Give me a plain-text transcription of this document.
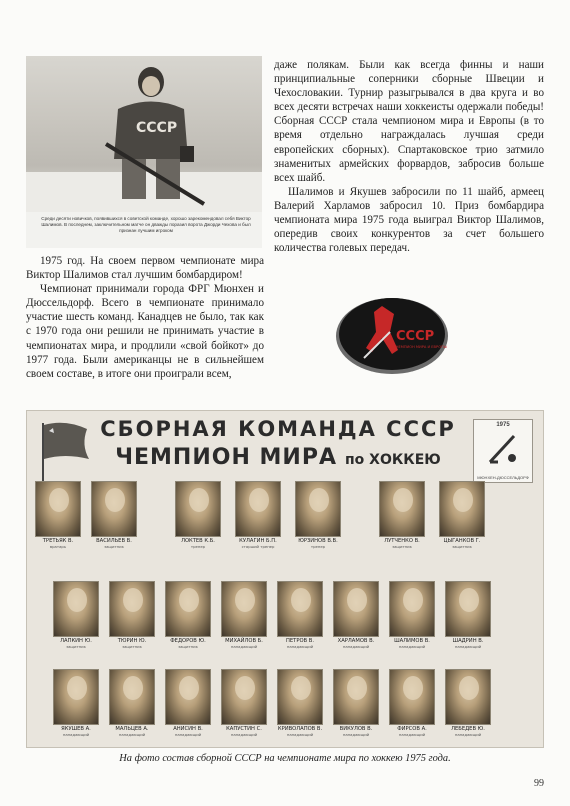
CCCP
Среди десяти новичков, появившихся в советской команде, хорошо зарекомендовал себя Виктор Шалимов. В последнем, заключительном матче он дважды поразил ворота Джорди Чехова и был признан лучшим игроком

1975 год. На своем первом чемпионате мира Виктор Шалимов стал лучшим бомбардиром!

Чемпионат принимали города ФРГ Мюнхен и Дюссельдорф. Всего в чемпионате принимало участие шесть команд. Канадцев не было, так как с 1970 года они решили не принимать участие в чемпионатах мира, и продлили «свой бойкот» до 1977 года. Были американцы не в сильнейшем своем составе, в итоге они проиграли всем,

даже полякам. Были как всегда финны и наши принципиальные соперники сборные Швеции и Чехословакии. Турнир разыгрывался в два круга и во всех десяти встречах наши хоккеисты одержали победы! Сборная СССР стала чемпионом мира и Европы (в то время отдельно награждалась лучшая среди европейских сборных). Спартаковское трио затмило знаменитых армейских форвардов, забросив больше всех шайб.

Шалимов и Якушев забросили по 11 шайб, армеец Валерий Харламов забросил 10. Приз бомбардира чемпионата мира 1975 года выиграл Виктор Шалимов, опередив своих конкурентов за счет большего количества голевых передач.

СССР
ЧЕМПИОН МИРА И ЕВРОПЫ
СБОРНАЯ КОМАНДА СССР
ЧЕМПИОН МИРА по ХОККЕЮ
1975
МЮНХЕН-ДЮССЕЛЬДОРФ
ТРЕТЬЯК В.
вратарь
ВАСИЛЬЕВ В.
защитник
ЛОКТЕВ К.Б.
тренер
КУЛАГИН Б.П.
старший тренер
ЮРЗИНОВ В.В.
тренер
ЛУТЧЕНКО В.
защитник
ЦЫГАНКОВ Г.
защитник
ЛАПКИН Ю.
защитник
ТЮРИН Ю.
защитник
ФЕДОРОВ Ю.
защитник
МИХАЙЛОВ Б.
нападающий
ПЕТРОВ В.
нападающий
ХАРЛАМОВ В.
нападающий
ШАЛИМОВ В.
нападающий
ШАДРИН В.
нападающий
ЯКУШЕВ А.
нападающий
МАЛЬЦЕВ А.
нападающий
АНИСИН В.
нападающий
КАПУСТИН С.
нападающий
КРИВОЛАПОВ В.
нападающий
ВИКУЛОВ В.
нападающий
ФИРСОВ А.
нападающий
ЛЕБЕДЕВ Ю.
нападающий
На фото состав сборной СССР на чемпионате мира по хоккею 1975 года.
99
